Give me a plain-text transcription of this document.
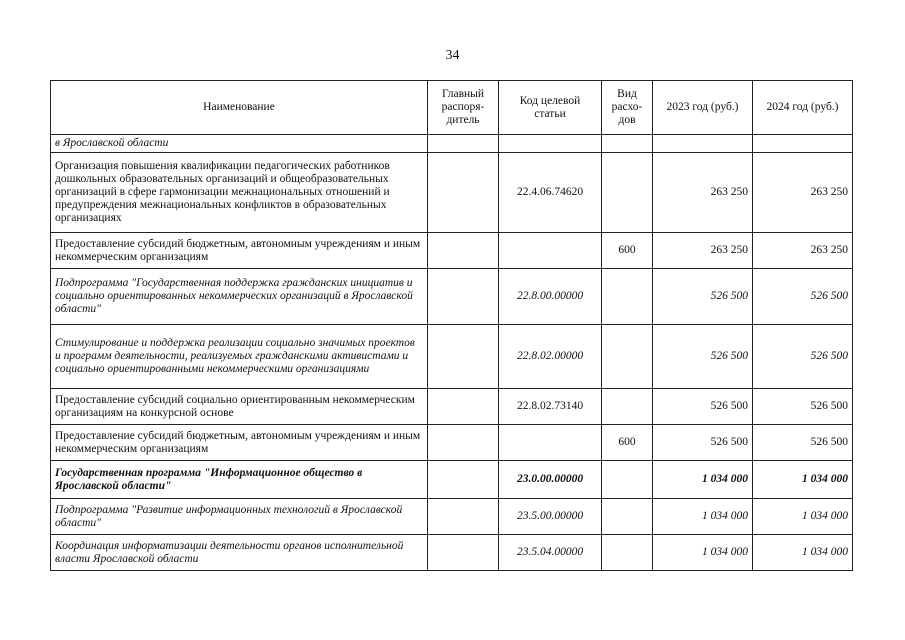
34
Наименование	Главный распоря-дитель	Код целевой статьи	Вид расхо-дов	2023 год (руб.)	2024 год (руб.)
в Ярославской области					
Организация повышения квалификации педагогических работников дошкольных образовательных организаций и общеобразовательных организаций в сфере гармонизации межнациональных отношений и предупреждения межнациональных конфликтов в образовательных организациях		22.4.06.74620		263 250	263 250
Предоставление субсидий бюджетным, автономным учреждениям и иным некоммерческим организациям			600	263 250	263 250
Подпрограмма "Государственная поддержка гражданских инициатив и социально ориентированных некоммерческих организаций в Ярославской области"		22.8.00.00000		526 500	526 500
Стимулирование и поддержка реализации социально значимых проектов и программ деятельности, реализуемых гражданскими активистами и социально ориентированными некоммерческими организациями		22.8.02.00000		526 500	526 500
Предоставление субсидий социально ориентированным некоммерческим организациям на конкурсной основе		22.8.02.73140		526 500	526 500
Предоставление субсидий бюджетным, автономным учреждениям и иным некоммерческим организациям			600	526 500	526 500
Государственная программа "Информационное общество в Ярославской области"		23.0.00.00000		1 034 000	1 034 000
Подпрограмма "Развитие информационных технологий в Ярославской области"		23.5.00.00000		1 034 000	1 034 000
Координация информатизации деятельности органов исполнительной власти Ярославской области		23.5.04.00000		1 034 000	1 034 000
